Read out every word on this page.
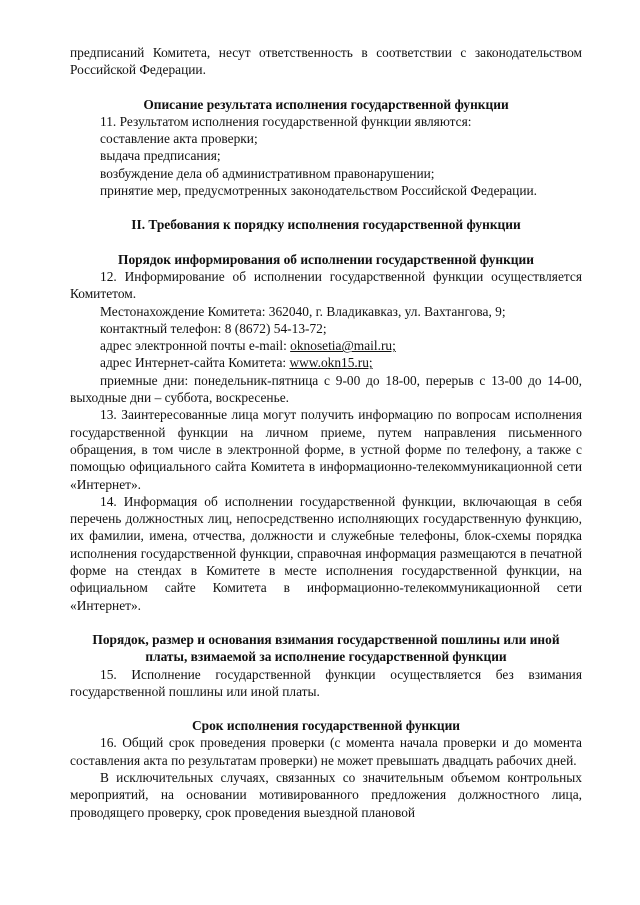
предписаний Комитета, несут ответственность в соответствии с законодательством Российской Федерации.

Описание результата исполнения государственной функции

11. Результатом исполнения государственной функции являются:

составление акта проверки;

выдача предписания;

возбуждение дела об административном правонарушении;

принятие мер, предусмотренных законодательством Российской Федерации.

II. Требования к порядку исполнения государственной функции

Порядок информирования об исполнении государственной функции

12. Информирование об исполнении государственной функции осуществляется Комитетом.

Местонахождение Комитета: 362040, г. Владикавказ, ул. Вахтангова, 9;

контактный телефон: 8 (8672) 54-13-72;

адрес электронной почты e-mail: oknosetia@mail.ru;

адрес Интернет-сайта Комитета: www.okn15.ru;

приемные дни: понедельник-пятница с 9-00 до 18-00, перерыв с 13-00 до 14-00, выходные дни – суббота, воскресенье.

13. Заинтересованные лица могут получить информацию по вопросам исполнения государственной функции на личном приеме, путем направления письменного обращения, в том числе в электронной форме, в устной форме по телефону, а также с помощью официального сайта Комитета в информационно-телекоммуникационной сети «Интернет».

14. Информация об исполнении государственной функции, включающая в себя перечень должностных лиц, непосредственно исполняющих государственную функцию, их фамилии, имена, отчества, должности и служебные телефоны, блок-схемы порядка исполнения государственной функции, справочная информация размещаются в печатной форме на стендах в Комитете в месте исполнения государственной функции, на официальном сайте Комитета в информационно-телекоммуникационной сети «Интернет».

Порядок, размер и основания взимания государственной пошлины или иной платы, взимаемой за исполнение государственной функции

15. Исполнение государственной функции осуществляется без взимания государственной пошлины или иной платы.

Срок исполнения государственной функции

16. Общий срок проведения проверки (с момента начала проверки и до момента составления акта по результатам проверки) не может превышать двадцать рабочих дней.

В исключительных случаях, связанных со значительным объемом контрольных мероприятий, на основании мотивированного предложения должностного лица, проводящего проверку, срок проведения выездной плановой
